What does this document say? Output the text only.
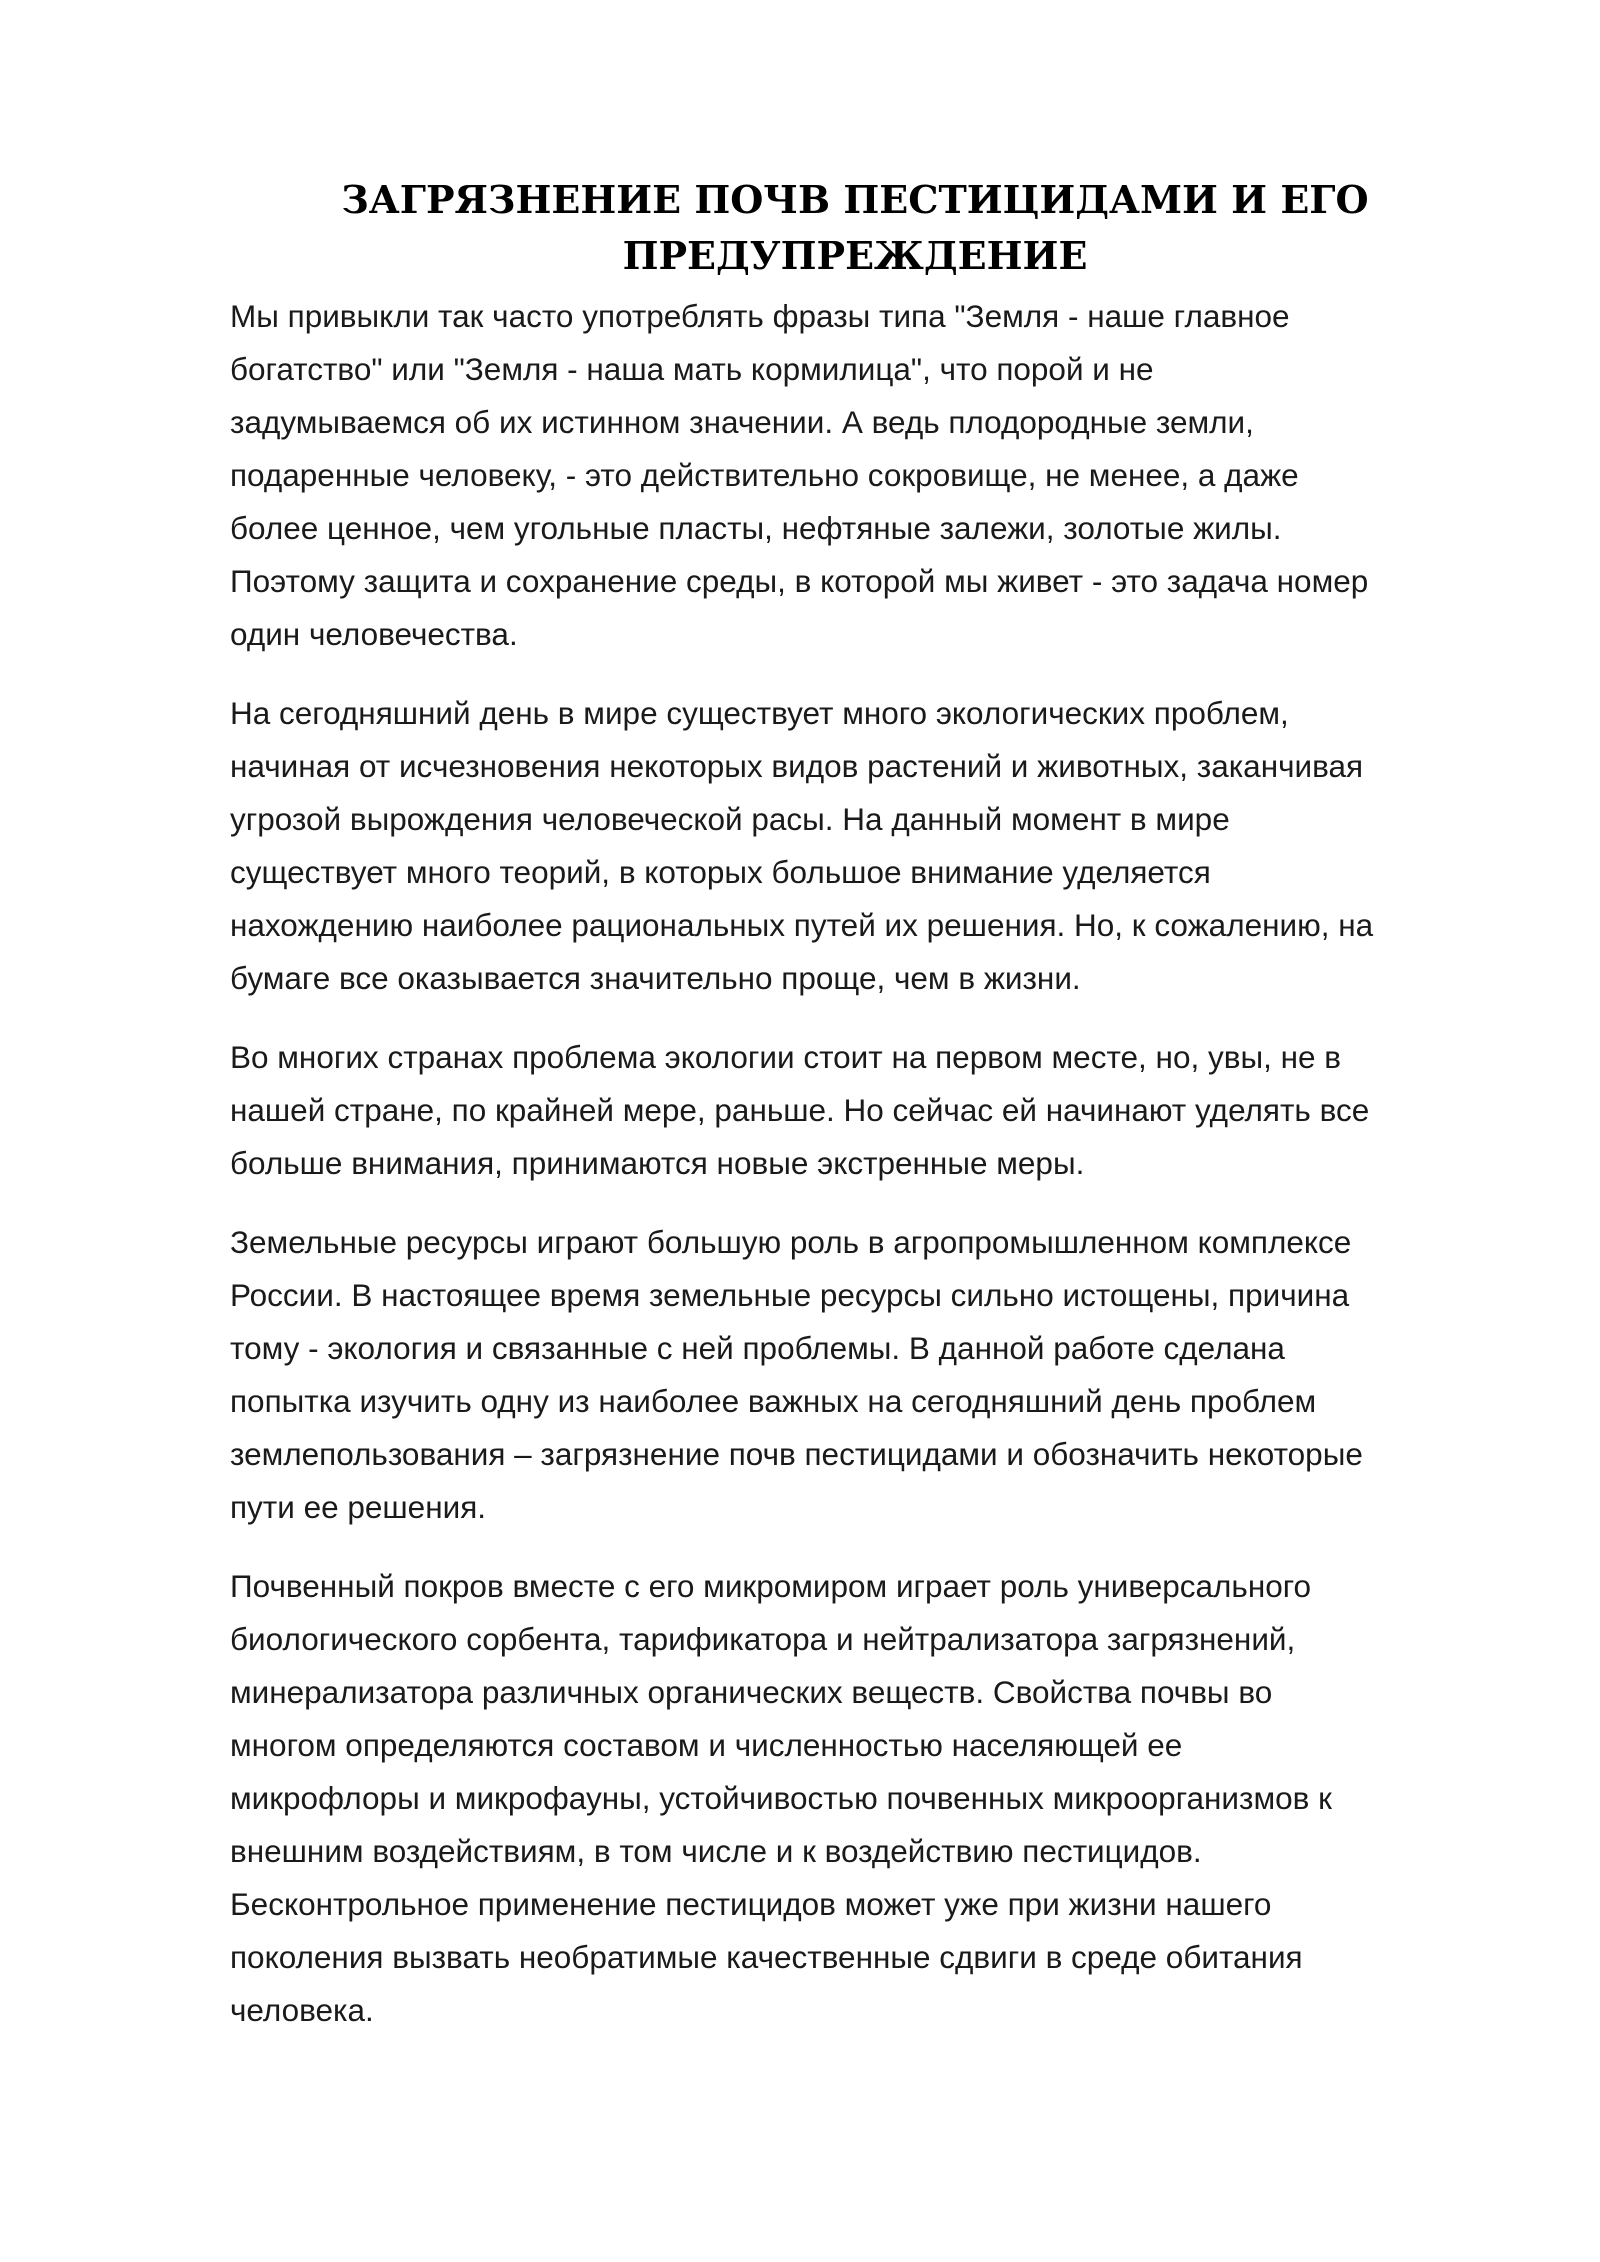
ЗАГРЯЗНЕНИЕ ПОЧВ ПЕСТИЦИДАМИ И ЕГО
ПРЕДУПРЕЖДЕНИЕ

Мы привыкли так часто употреблять фразы типа "Земля - наше главное
богатство" или "Земля - наша мать кормилица", что порой и не
задумываемся об их истинном значении. А ведь плодородные земли,
подаренные человеку, - это действительно сокровище, не менее, а даже
более ценное, чем угольные пласты, нефтяные залежи, золотые жилы.
Поэтому защита и сохранение среды, в которой мы живет - это задача номер
один человечества.

На сегодняшний день в мире существует много экологических проблем,
начиная от исчезновения некоторых видов растений и животных, заканчивая
угрозой вырождения человеческой расы. На данный момент в мире
существует много теорий, в которых большое внимание уделяется
нахождению наиболее рациональных путей их решения. Но, к сожалению, на
бумаге все оказывается значительно проще, чем в жизни.

Во многих странах проблема экологии стоит на первом месте, но, увы, не в
нашей стране, по крайней мере, раньше. Но сейчас ей начинают уделять все
больше внимания, принимаются новые экстренные меры.

Земельные ресурсы играют большую роль в агропромышленном комплексе
России. В настоящее время земельные ресурсы сильно истощены, причина
тому - экология и связанные с ней проблемы. В данной работе сделана
попытка изучить одну из наиболее важных на сегодняшний день проблем
землепользования – загрязнение почв пестицидами и обозначить некоторые
пути ее решения.

Почвенный покров вместе с его микромиром играет роль универсального
биологического сорбента, тарификатора и нейтрализатора загрязнений,
минерализатора различных органических веществ. Свойства почвы во
многом определяются составом и численностью населяющей ее
микрофлоры и микрофауны, устойчивостью почвенных микроорганизмов к
внешним воздействиям, в том числе и к воздействию пестицидов.
Бесконтрольное применение пестицидов может уже при жизни нашего
поколения вызвать необратимые качественные сдвиги в среде обитания
человека.
